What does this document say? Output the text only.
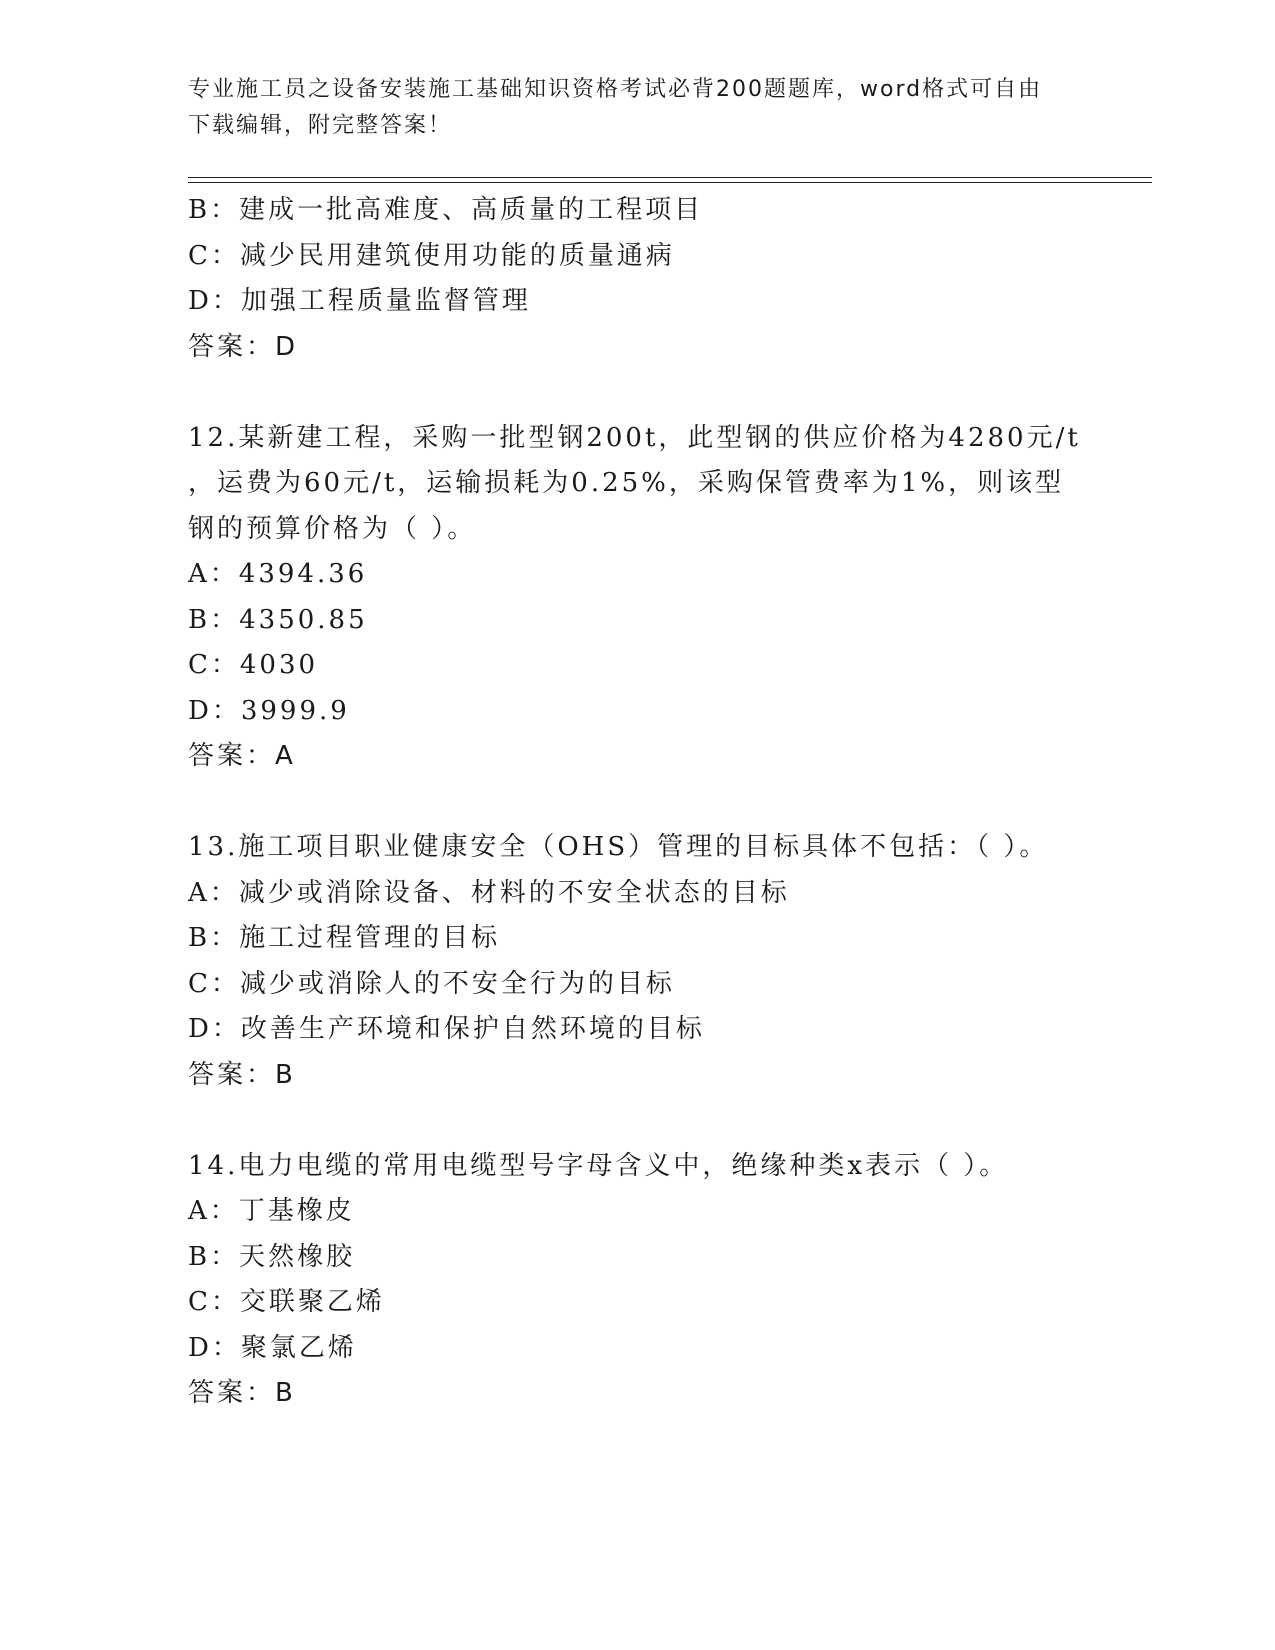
专业施工员之设备安装施工基础知识资格考试必背200题题库，word格式可自由
下载编辑，附完整答案！
B：建成一批高难度、高质量的工程项目
C：减少民用建筑使用功能的质量通病
D：加强工程质量监督管理
答案：D
12.某新建工程，采购一批型钢200t，此型钢的供应价格为4280元/t
，运费为60元/t，运输损耗为0.25%，采购保管费率为1%，则该型
钢的预算价格为（ ）。
A：4394.36
B：4350.85
C：4030
D：3999.9
答案：A
13.施工项目职业健康安全（OHS）管理的目标具体不包括：（ ）。
A：减少或消除设备、材料的不安全状态的目标
B：施工过程管理的目标
C：减少或消除人的不安全行为的目标
D：改善生产环境和保护自然环境的目标
答案：B
14.电力电缆的常用电缆型号字母含义中，绝缘种类x表示（ ）。
A：丁基橡皮
B：天然橡胶
C：交联聚乙烯
D：聚氯乙烯
答案：B
